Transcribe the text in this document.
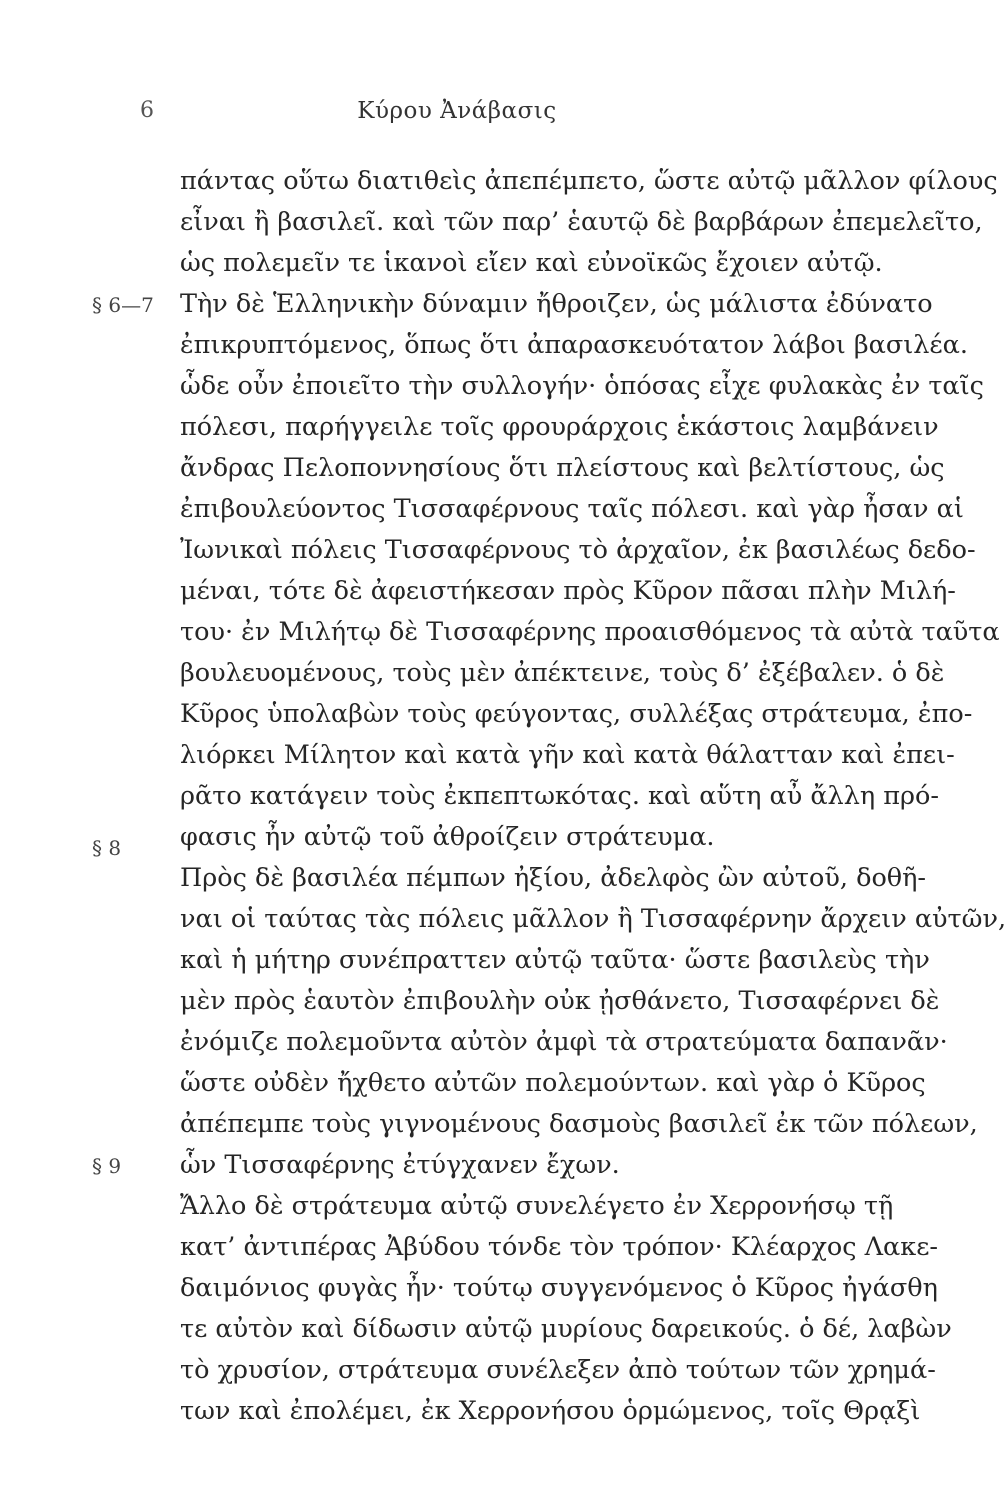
6	Κύρου Ἀνάβασις
§ 6—7
§ 8
§ 9
πάντας οὕτω διατιθεὶς ἀπεπέμπετο, ὥστε αὐτῷ μᾶλλον φίλους
εἶναι ἢ βασιλεῖ. καὶ τῶν παρ’ ἑαυτῷ δὲ βαρβάρων ἐπεμελεῖτο,
ὡς πολεμεῖν τε ἱκανοὶ εἴεν καὶ εὐνοϊκῶς ἔχοιεν αὐτῷ.
Τὴν δὲ Ἑλληνικὴν δύναμιν ἤθροιζεν, ὡς μάλιστα ἐδύνατο
ἐπικρυπτόμενος, ὅπως ὅτι ἀπαρασκευότατον λάβοι βασιλέα.
ὧδε οὖν ἐποιεῖτο τὴν συλλογήν· ὁπόσας εἶχε φυλακὰς ἐν ταῖς
πόλεσι, παρήγγειλε τοῖς φρουράρχοις ἑκάστοις λαμβάνειν
ἄνδρας Πελοποννησίους ὅτι πλείστους καὶ βελτίστους, ὡς
ἐπιβουλεύοντος Τισσαφέρνους ταῖς πόλεσι. καὶ γὰρ ἦσαν αἱ
Ἰωνικαὶ πόλεις Τισσαφέρνους τὸ ἀρχαῖον, ἐκ βασιλέως δεδο-
μέναι, τότε δὲ ἀφειστήκεσαν πρὸς Κῦρον πᾶσαι πλὴν Μιλή-
του· ἐν Μιλήτῳ δὲ Τισσαφέρνης προαισθόμενος τὰ αὐτὰ ταῦτα
βουλευομένους, τοὺς μὲν ἀπέκτεινε, τοὺς δ’ ἐξέβαλεν. ὁ δὲ
Κῦρος ὑπολαβὼν τοὺς φεύγοντας, συλλέξας στράτευμα, ἐπο-
λιόρκει Μίλητον καὶ κατὰ γῆν καὶ κατὰ θάλατταν καὶ ἐπει-
ρᾶτο κατάγειν τοὺς ἐκπεπτωκότας. καὶ αὕτη αὖ ἄλλη πρό-
φασις ἦν αὐτῷ τοῦ ἀθροίζειν στράτευμα.
Πρὸς δὲ βασιλέα πέμπων ἠξίου, ἀδελφὸς ὢν αὐτοῦ, δοθῆ-
ναι οἱ ταύτας τὰς πόλεις μᾶλλον ἢ Τισσαφέρνην ἄρχειν αὐτῶν,
καὶ ἡ μήτηρ συνέπραττεν αὐτῷ ταῦτα· ὥστε βασιλεὺς τὴν
μὲν πρὸς ἑαυτὸν ἐπιβουλὴν οὐκ ᾐσθάνετο, Τισσαφέρνει δὲ
ἐνόμιζε πολεμοῦντα αὐτὸν ἀμφὶ τὰ στρατεύματα δαπανᾶν·
ὥστε οὐδὲν ἤχθετο αὐτῶν πολεμούντων. καὶ γὰρ ὁ Κῦρος
ἀπέπεμπε τοὺς γιγνομένους δασμοὺς βασιλεῖ ἐκ τῶν πόλεων,
ὧν Τισσαφέρνης ἐτύγχανεν ἔχων.
Ἄλλο δὲ στράτευμα αὐτῷ συνελέγετο ἐν Χερρονήσῳ τῇ
κατ’ ἀντιπέρας Ἀβύδου τόνδε τὸν τρόπον· Κλέαρχος Λακε-
δαιμόνιος φυγὰς ἦν· τούτῳ συγγενόμενος ὁ Κῦρος ἠγάσθη
τε αὐτὸν καὶ δίδωσιν αὐτῷ μυρίους δαρεικούς. ὁ δέ, λαβὼν
τὸ χρυσίον, στράτευμα συνέλεξεν ἀπὸ τούτων τῶν χρημά-
των καὶ ἐπολέμει, ἐκ Χερρονήσου ὁρμώμενος, τοῖς Θρᾳξὶ
